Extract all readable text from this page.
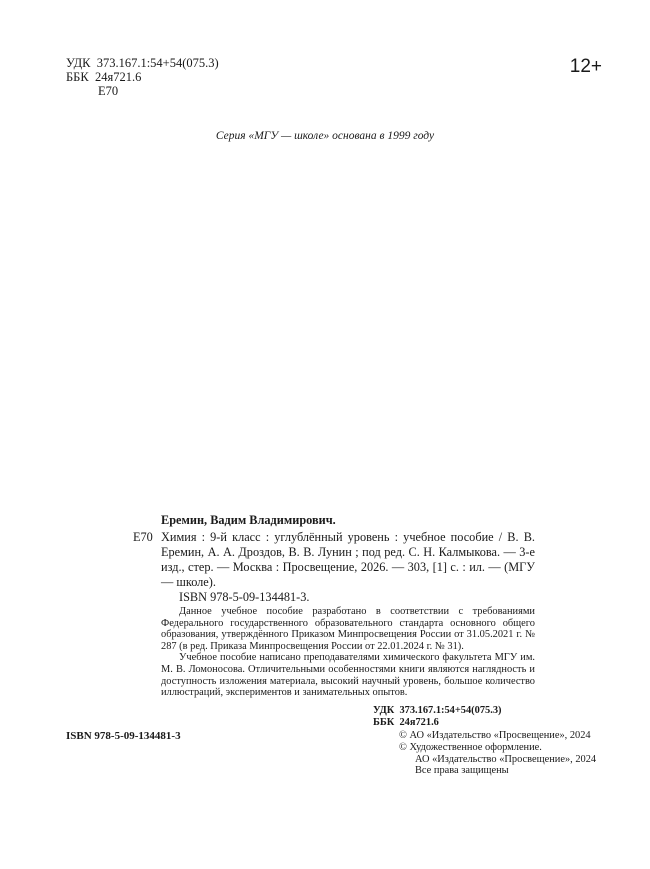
УДК  373.167.1:54+54(075.3)
ББК  24я721.6
Е70
12+
Серия «МГУ — школе» основана в 1999 году
Еремин, Вадим Владимирович.
Е70 Химия : 9-й класс : углублённый уровень : учебное пособие / В. В. Еремин, А. А. Дроздов, В. В. Лунин ; под ред. С. Н. Калмыкова. — 3-е изд., стер. — Москва : Просвещение, 2026. — 303, [1] с. : ил. — (МГУ — школе).
ISBN 978-5-09-134481-3.

Данное учебное пособие разработано в соответствии с требованиями Федерального государственного образовательного стандарта основного общего образования, утверждённого Приказом Минпросвещения России от 31.05.2021 г. № 287 (в ред. Приказа Минпросвещения России от 22.01.2024 г. № 31).

Учебное пособие написано преподавателями химического факультета МГУ им. М. В. Ломоносова. Отличительными особенностями книги являются наглядность и доступность изложения материала, высокий научный уровень, большое количество иллюстраций, экспериментов и занимательных опытов.

УДК  373.167.1:54+54(075.3)
ББК  24я721.6
ISBN 978-5-09-134481-3	© АО «Издательство «Просвещение», 2024
© Художественное оформление.
АО «Издательство «Просвещение», 2024
Все права защищены
